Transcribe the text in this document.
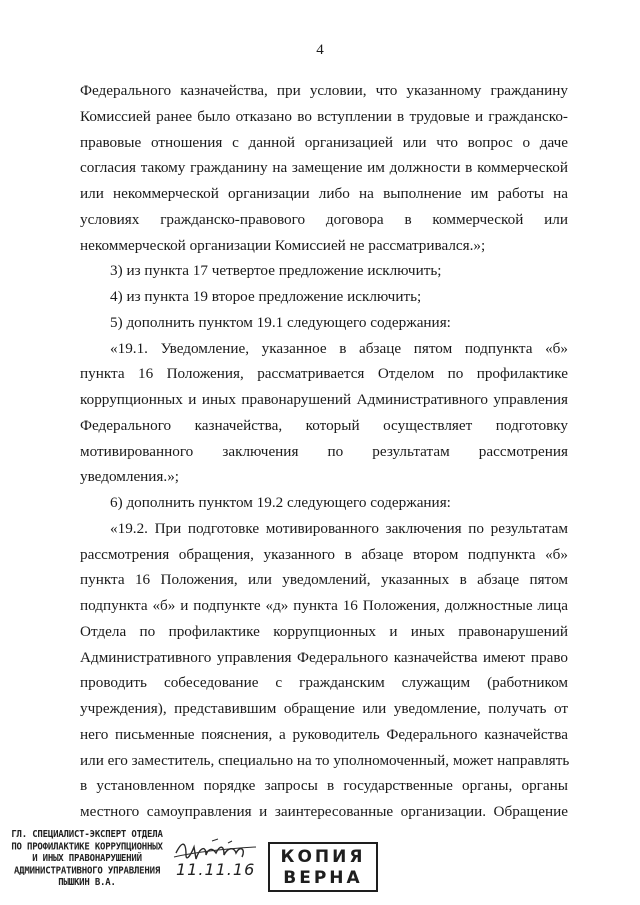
4
Федерального казначейства, при условии, что указанному гражданину
Комиссией ранее было отказано во вступлении в трудовые и гражданско-
правовые отношения с данной организацией или что вопрос о даче
согласия такому гражданину на замещение им должности в коммерческой
или некоммерческой организации либо на выполнение им работы на
условиях гражданско-правового договора в коммерческой или
некоммерческой организации Комиссией не рассматривался.»;
3) из пункта 17 четвертое предложение исключить;
4) из пункта 19 второе предложение исключить;
5) дополнить пунктом 19.1 следующего содержания:
«19.1. Уведомление, указанное в абзаце пятом подпункта «б»
пункта 16 Положения, рассматривается Отделом по профилактике
коррупционных и иных правонарушений Административного управления
Федерального казначейства, который осуществляет подготовку
мотивированного заключения по результатам рассмотрения
уведомления.»;
6) дополнить пунктом 19.2 следующего содержания:
«19.2. При подготовке мотивированного заключения по результатам
рассмотрения обращения, указанного в абзаце втором подпункта «б»
пункта 16 Положения, или уведомлений, указанных в абзаце пятом
подпункта «б» и подпункте «д» пункта 16 Положения, должностные лица
Отдела по профилактике коррупционных и иных правонарушений
Административного управления Федерального казначейства имеют право
проводить собеседование с гражданским служащим (работником
учреждения), представившим обращение или уведомление, получать от
него письменные пояснения, а руководитель Федерального казначейства
или его заместитель, специально на то уполномоченный, может направлять
в установленном порядке запросы в государственные органы, органы
местного самоуправления и заинтересованные организации. Обращение
ГЛ. СПЕЦИАЛИСТ-ЭКСПЕРТ ОТДЕЛА
ПО ПРОФИЛАКТИКЕ КОРРУПЦИОННЫХ
И ИНЫХ ПРАВОНАРУШЕНИЙ
АДМИНИСТРАТИВНОГО УПРАВЛЕНИЯ
ПЫШКИН В.А.
11.11.16
КОПИЯ
ВЕРНА
